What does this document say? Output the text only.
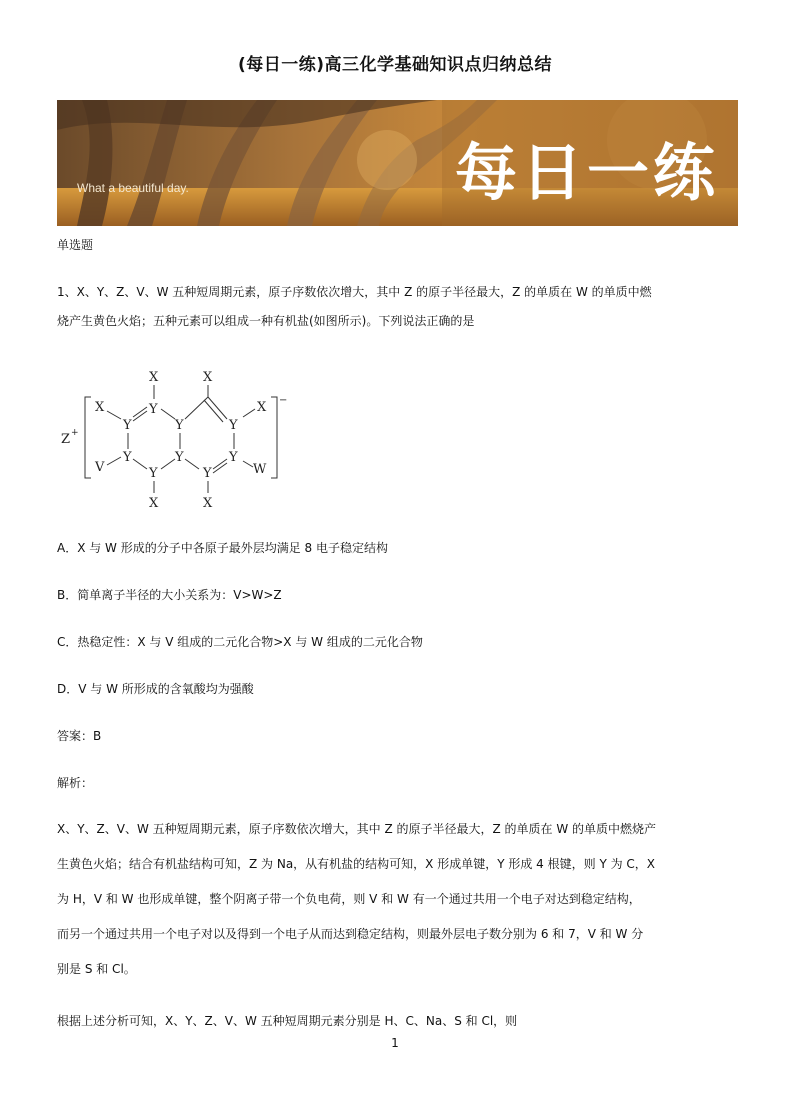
(每日一练)高三化学基础知识点归纳总结
What a beautiful day.	每日一练
单选题
1、X、Y、Z、V、W 五种短周期元素，原子序数依次增大，其中 Z 的原子半径最大，Z 的单质在 W 的单质中燃
烧产生黄色火焰；五种元素可以组成一种有机盐(如图所示)。下列说法正确的是
Z +
−
X	X
X	X
Y
Y	Y
Y
Y
Y
Y
Y
Y
V	W
X	X
A．X 与 W 形成的分子中各原子最外层均满足 8 电子稳定结构
B．简单离子半径的大小关系为：V>W>Z
C．热稳定性：X 与 V 组成的二元化合物>X 与 W 组成的二元化合物
D．V 与 W 所形成的含氧酸均为强酸
答案：B
解析：
X、Y、Z、V、W 五种短周期元素，原子序数依次增大，其中 Z 的原子半径最大，Z 的单质在 W 的单质中燃烧产
生黄色火焰；结合有机盐结构可知，Z 为 Na，从有机盐的结构可知，X 形成单键，Y 形成 4 根键，则 Y 为 C，X
为 H，V 和 W 也形成单键，整个阴离子带一个负电荷，则 V 和 W 有一个通过共用一个电子对达到稳定结构，
而另一个通过共用一个电子对以及得到一个电子从而达到稳定结构，则最外层电子数分别为 6 和 7，V 和 W 分
别是 S 和 Cl。
根据上述分析可知，X、Y、Z、V、W 五种短周期元素分别是 H、C、Na、S 和 Cl，则
1
